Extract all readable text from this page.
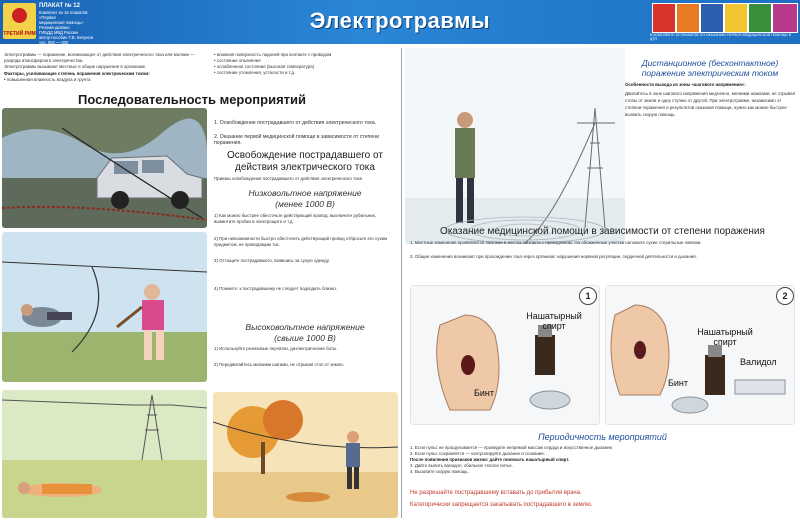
ТРЕТИЙ РИМ
ПЛАКАТ № 12
Комплект из 15 плакатов
«Первая
медицинская помощь»
Рекомендовано
ГИБДД МВД России
автор-пособие Т.В. Кичунов
тел. 000 — 000
Москва, 2010
Электротравмы
В КОМПЛЕКТЕ 15 ПЛАКАТОВ ПО ОКАЗАНИЮ ПЕРВОЙ МЕДИЦИНСКОЙ ПОМОЩИ В ДТП
Электротравмы — поражение, возникающее от действия электрического тока или молнии — разряда атмосферного электричества.
Электротравмы вызывают местные и общие нарушения в организме.
Факторы, усиливающие степень поражения электрическим током:
• повышенная влажность воздуха и грунта
• влажная поверхность ладоней при контакте с проводом
• состояние опьянения
• ослабленное состояние (высокая температура)
• состояние утомления, усталости и т.д.
Последовательность мероприятий
1. Освобождение пострадавшего от действия электрического тока.
2. Оказание первой медицинской помощи в зависимости от степени поражения.
Освобождение пострадавшего от действия электрического тока
Приемы освобождения пострадавшего от действия электрического тока
Низковольтное напряжение
(менее 1000 В)
1) Как можно быстрее обесточьте действующий провод: выключите рубильник, вывинтите пробки в электрощите и т.д.
2) При невозможности быстро обесточить действующий провод отбросьте его сухим предметом, не проводящим ток.
3) Оттащите пострадавшего, взявшись за сухую одежду.
4) Помните: к пострадавшему не следует подходить близко.
Высоковольтное напряжение
(свыше 1000 В)
1) Используйте резиновые перчатки, диэлектрические боты.
2) Передвигайтесь мелкими шагами, не отрывая стоп от земли.
Дистанционное (бесконтактное) поражение электрическим током
Особенности выхода из зоны «шагового напряжения»:
Двигайтесь в зоне шагового напряжения медленно, мелкими шажками, не отрывая стопы от земли и одну ступню от другой. При электротравме, независимо от степени поражения и результатов оказания помощи, нужно как можно быстрее вызвать скорую помощь.
Оказание медицинской помощи в зависимости от степени поражения
1. Местные изменения проявляются ожогами в местах контакта с проводником. На обожженные участки наложите сухие стерильные повязки.
2. Общие изменения возникают при прохождении тока через организм: нарушения нервной регуляции, сердечной деятельности и дыхания.
1
Нашатырный спирт
Бинт
2
Нашатырный спирт
Бинт
Валидол
Периодичность мероприятий
1. Если пульс не прощупывается — проведите непрямой массаж сердца и искусственное дыхание.
2. Если пульс сохраняется — контролируйте дыхание и сознание.
После появления признаков жизни: дайте понюхать нашатырный спирт.
3. Дайте выпить валидол, обильное теплое питье.
4. Вызовите скорую помощь.
Не разрешайте пострадавшему вставать до прибытия врача.
Категорически запрещается закапывать пострадавшего в землю.
